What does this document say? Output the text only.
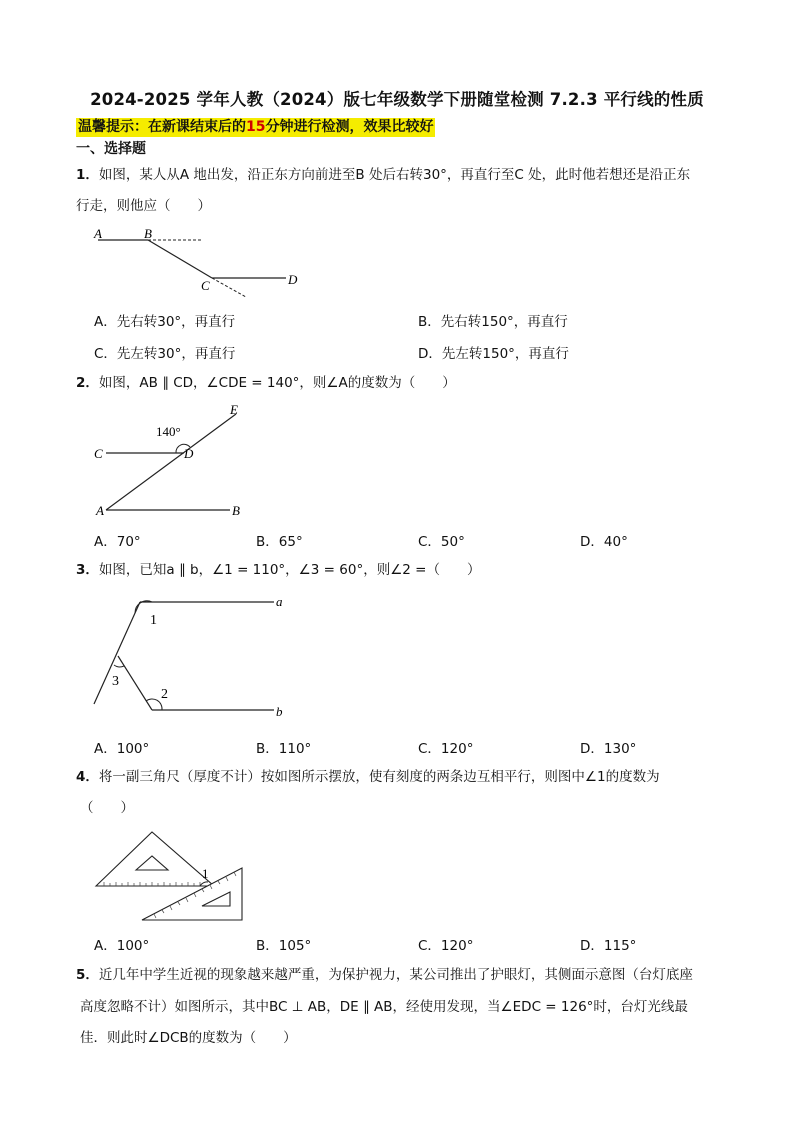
2024-2025 学年人教（2024）版七年级数学下册随堂检测 7.2.3 平行线的性质
温馨提示：在新课结束后的15分钟进行检测，效果比较好
一、选择题
1．如图，某人从A 地出发，沿正东方向前进至B 处后右转30°，再直行至C 处，此时他若想还是沿正东
行走，则他应（　　）
A	B
C	D
A．先右转30°，再直行	B．先右转150°，再直行
C．先左转30°，再直行	D．先左转150°，再直行
2．如图，AB ∥ CD，∠CDE = 140°，则∠A的度数为（　　）
140°
C	D
E
A	B
A．70°	B．65°	C．50°	D．40°
3．如图，已知a ∥ b，∠1 = 110°，∠3 = 60°，则∠2 =（　　）
1
3
2
a
b
A．100°	B．110°	C．120°	D．130°
4．将一副三角尺（厚度不计）按如图所示摆放，使有刻度的两条边互相平行，则图中∠1的度数为
（　　）
1
A．100°	B．105°	C．120°	D．115°
5．近几年中学生近视的现象越来越严重，为保护视力，某公司推出了护眼灯，其侧面示意图（台灯底座
高度忽略不计）如图所示，其中BC ⊥ AB，DE ∥ AB，经使用发现，当∠EDC = 126°时，台灯光线最
佳．则此时∠DCB的度数为（　　）
